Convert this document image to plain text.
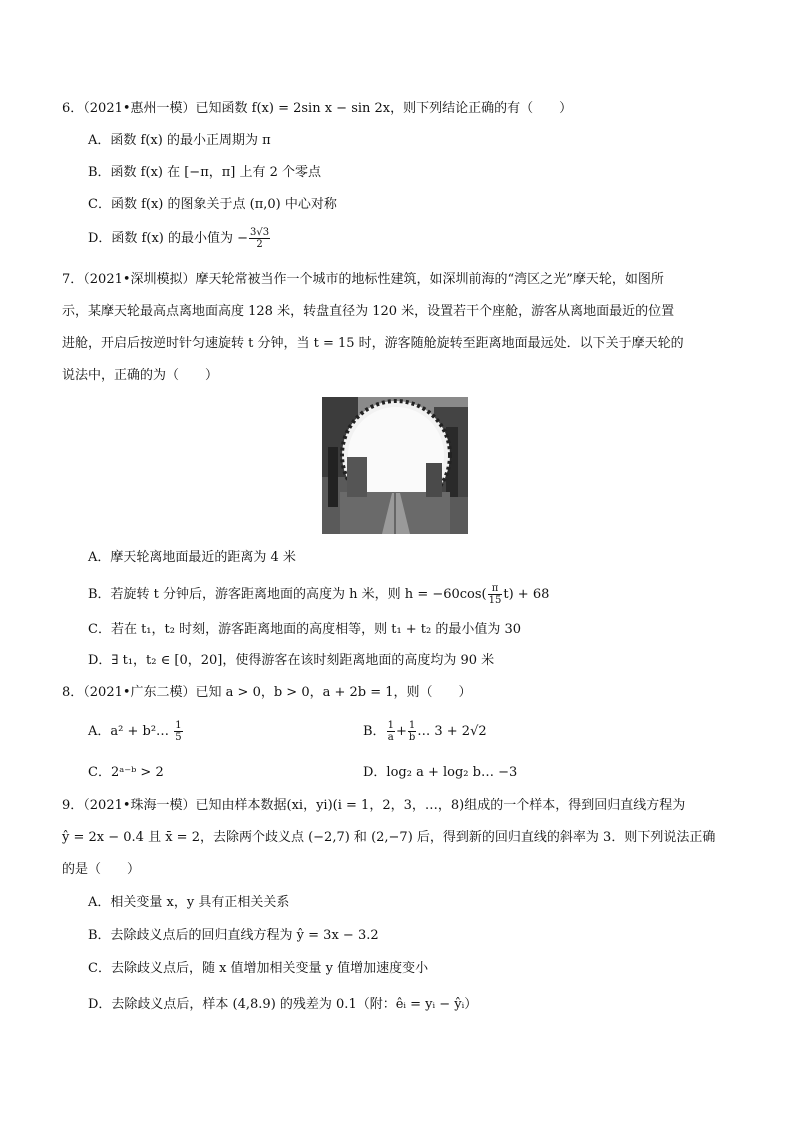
6．（2021•惠州一模）已知函数 f(x) = 2sin x − sin 2x，则下列结论正确的有（　　）
A．函数 f(x) 的最小正周期为 π
B．函数 f(x) 在 [−π，π] 上有 2 个零点
C．函数 f(x) 的图象关于点 (π,0) 中心对称
D．函数 f(x) 的最小值为 − $\frac{3√3}{2}$
7．（2021•深圳模拟）摩天轮常被当作一个城市的地标性建筑，如深圳前海的“湾区之光”摩天轮，如图所
示，某摩天轮最高点离地面高度 128 米，转盘直径为 120 米，设置若干个座舱，游客从离地面最近的位置
进舱，开启后按逆时针匀速旋转 t 分钟，当 t = 15 时，游客随舱旋转至距离地面最远处．以下关于摩天轮的
说法中，正确的为（　　）
A．摩天轮离地面最近的距离为 4 米
B．若旋转 t 分钟后，游客距离地面的高度为 h 米，则 $h = -60\cos( \frac{\pi}{15} t) + 68$
C．若在 t₁，t₂ 时刻，游客距离地面的高度相等，则 t₁ + t₂ 的最小值为 30
D．∃ t₁，t₂ ∈ [0，20]，使得游客在该时刻距离地面的高度均为 90 米
8．（2021•广东二模）已知 a > 0，b > 0，a + 2b = 1，则（　　）
A．a² + b²… $\frac{1}{5}$	B． $\frac{1}{a} + \frac{1}{b}$ … 3 + 2√2
C．2ᵃ⁻ᵇ > 2	D．log₂ a + log₂ b… −3
9．（2021•珠海一模）已知由样本数据(xi，yi)(i = 1，2，3，…，8)组成的一个样本，得到回归直线方程为
ŷ = 2x − 0.4 且 x̄ = 2，去除两个歧义点 (−2,7) 和 (2,−7) 后，得到新的回归直线的斜率为 3．则下列说法正确
的是（　　）
A．相关变量 x，y 具有正相关关系
B．去除歧义点后的回归直线方程为 ŷ = 3x − 3.2
C．去除歧义点后，随 x 值增加相关变量 y 值增加速度变小
D．去除歧义点后，样本 (4,8.9) 的残差为 0.1（附：êᵢ = yᵢ − ŷᵢ）
